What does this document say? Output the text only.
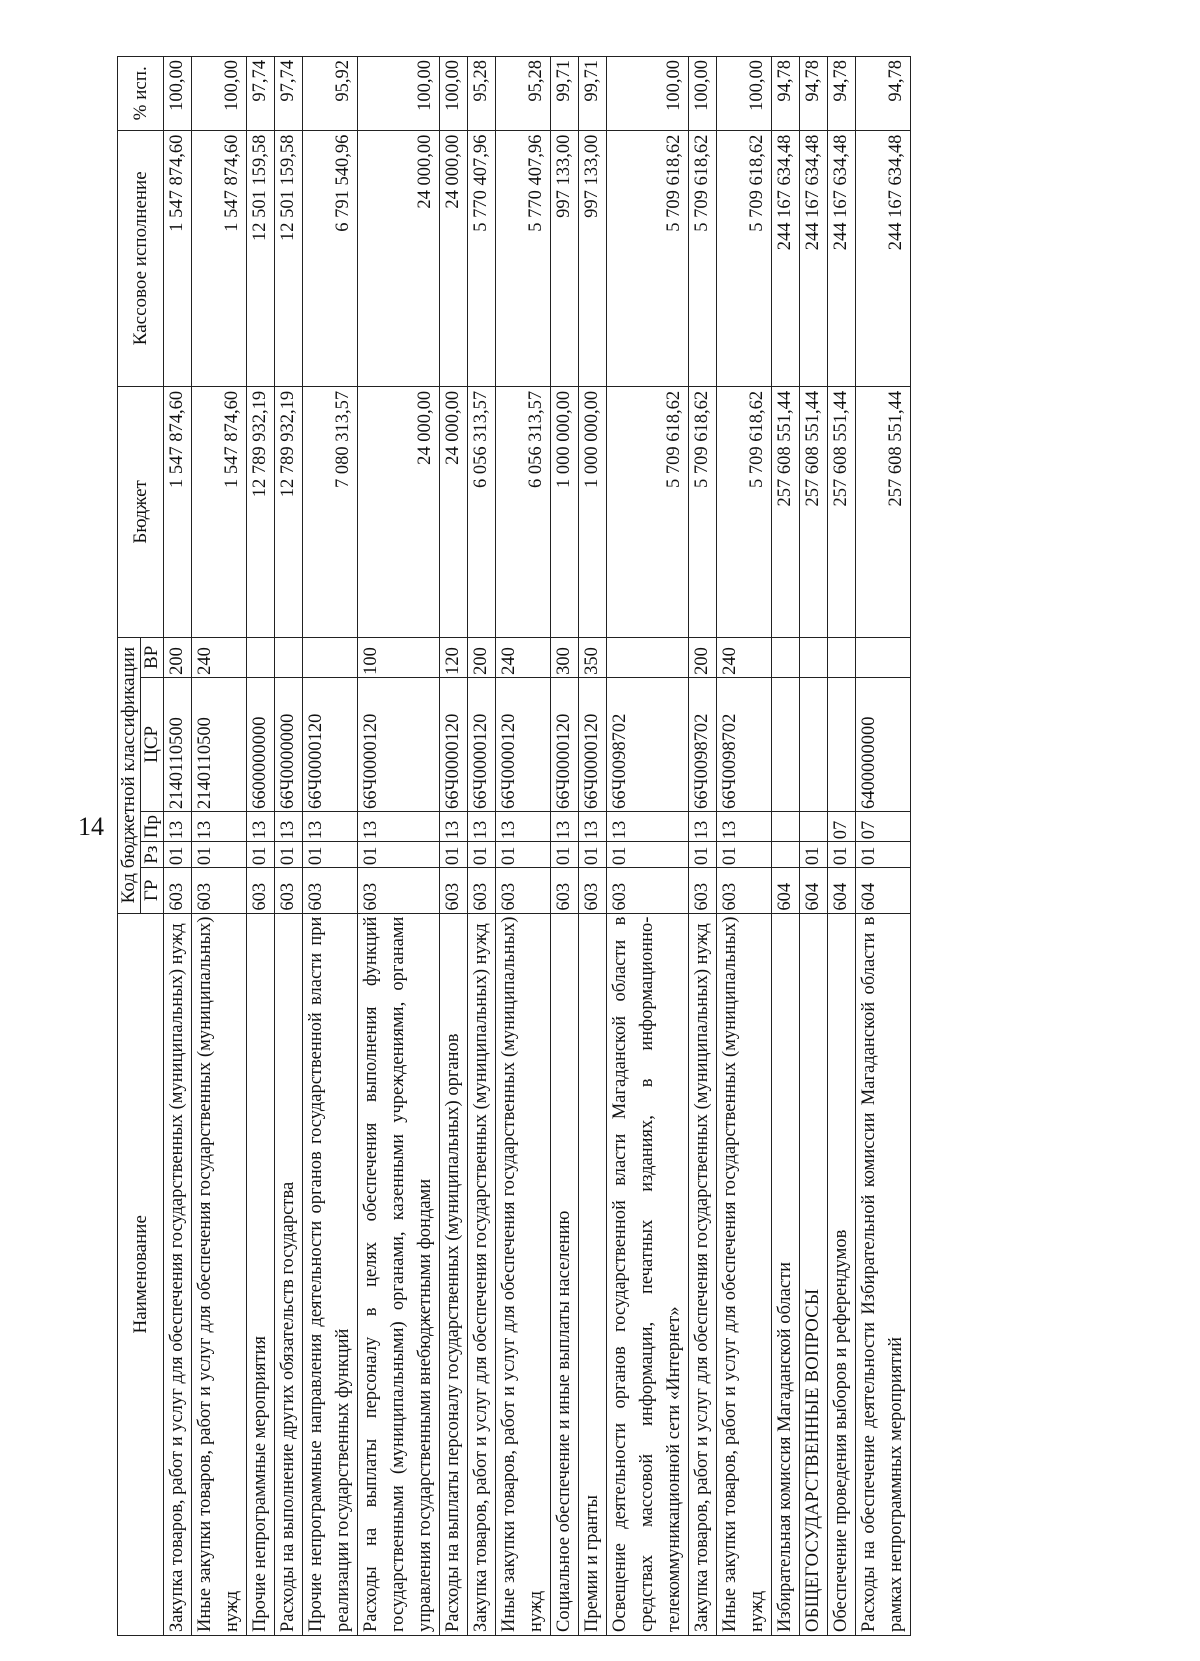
14
Наименование	Код бюджетной классификации					Бюджет	Кассовое исполнение	% исп.
	ГР	Рз	Пр	ЦСР	ВР			
Закупка товаров, работ и услуг для обеспечения государственных (муниципальных) нужд	603	01	13	2140110500	200	1 547 874,60	1 547 874,60	100,00
Иные закупки товаров, работ и услуг для обеспечения государственных (муниципальных) нужд	603	01	13	2140110500	240	1 547 874,60	1 547 874,60	100,00
Прочие непрограммные мероприятия	603	01	13	6600000000		12 789 932,19	12 501 159,58	97,74
Расходы на выполнение других обязательств государства	603	01	13	66Ч0000000		12 789 932,19	12 501 159,58	97,74
Прочие непрограммные направления деятельности органов государственной власти при реализации государственных функций	603	01	13	66Ч0000120		7 080 313,57	6 791 540,96	95,92
Расходы на выплаты персоналу в целях обеспечения выполнения функций государственными (муниципальными) органами, казенными учреждениями, органами управления государственными внебюджетными фондами	603	01	13	66Ч0000120	100	24 000,00	24 000,00	100,00
Расходы на выплаты персоналу государственных (муниципальных) органов	603	01	13	66Ч0000120	120	24 000,00	24 000,00	100,00
Закупка товаров, работ и услуг для обеспечения государственных (муниципальных) нужд	603	01	13	66Ч0000120	200	6 056 313,57	5 770 407,96	95,28
Иные закупки товаров, работ и услуг для обеспечения государственных (муниципальных) нужд	603	01	13	66Ч0000120	240	6 056 313,57	5 770 407,96	95,28
Социальное обеспечение и иные выплаты населению	603	01	13	66Ч0000120	300	1 000 000,00	997 133,00	99,71
Премии и гранты	603	01	13	66Ч0000120	350	1 000 000,00	997 133,00	99,71
Освещение деятельности органов государственной власти Магаданской области в средствах массовой информации, печатных изданиях, в информационно-телекоммуникационной сети «Интернет»	603	01	13	66Ч0098702		5 709 618,62	5 709 618,62	100,00
Закупка товаров, работ и услуг для обеспечения государственных (муниципальных) нужд	603	01	13	66Ч0098702	200	5 709 618,62	5 709 618,62	100,00
Иные закупки товаров, работ и услуг для обеспечения государственных (муниципальных) нужд	603	01	13	66Ч0098702	240	5 709 618,62	5 709 618,62	100,00
Избирательная комиссия Магаданской области	604					257 608 551,44	244 167 634,48	94,78
ОБЩЕГОСУДАРСТВЕННЫЕ ВОПРОСЫ	604	01				257 608 551,44	244 167 634,48	94,78
Обеспечение проведения выборов и референдумов	604	01	07			257 608 551,44	244 167 634,48	94,78
Расходы на обеспечение деятельности Избирательной комиссии Магаданской области в рамках непрограммных мероприятий	604	01	07	6400000000		257 608 551,44	244 167 634,48	94,78
